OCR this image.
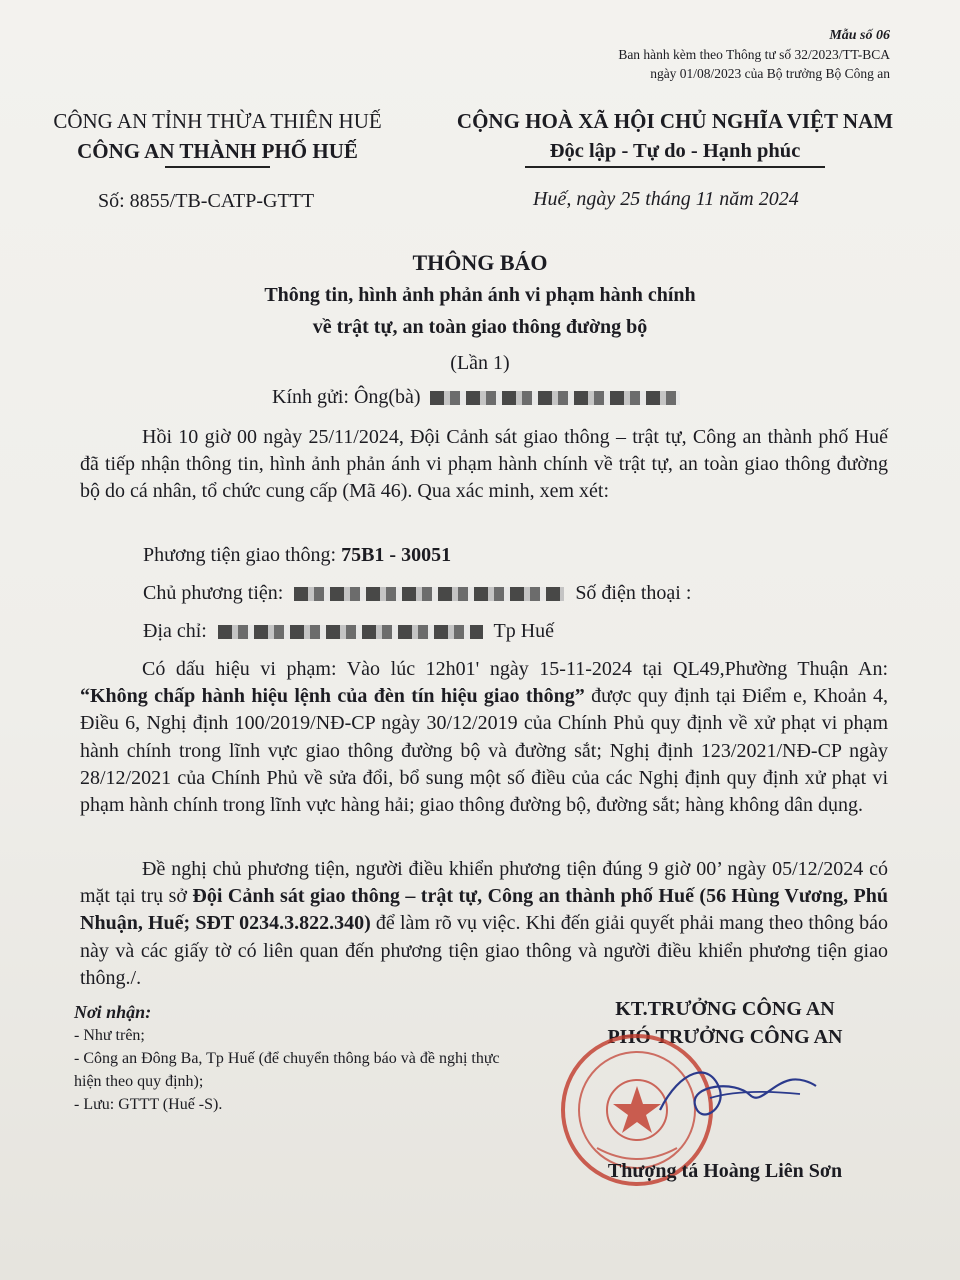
Mẫu số 06
Ban hành kèm theo Thông tư số 32/2023/TT-BCA
ngày 01/08/2023 của Bộ trưởng Bộ Công an
CÔNG AN TỈNH THỪA THIÊN HUẾ
CÔNG AN THÀNH PHỐ HUẾ
Số: 8855/TB-CATP-GTTT
CỘNG HOÀ XÃ HỘI CHỦ NGHĨA VIỆT NAM
Độc lập - Tự do - Hạnh phúc
Huế, ngày 25 tháng 11 năm 2024
THÔNG BÁO
Thông tin, hình ảnh phản ánh vi phạm hành chính
về trật tự, an toàn giao thông đường bộ
(Lần 1)
Kính gửi: Ông(bà)
Hồi 10 giờ 00 ngày 25/11/2024, Đội Cảnh sát giao thông – trật tự, Công an thành phố Huế đã tiếp nhận thông tin, hình ảnh phản ánh vi phạm hành chính về trật tự, an toàn giao thông đường bộ do cá nhân, tổ chức cung cấp (Mã 46). Qua xác minh, xem xét:
Phương tiện giao thông: 75B1 - 30051
Chủ phương tiện:	Số điện thoại :
Địa chỉ:	Tp Huế
Có dấu hiệu vi phạm: Vào lúc 12h01' ngày 15-11-2024 tại QL49,Phường Thuận An: “Không chấp hành hiệu lệnh của đèn tín hiệu giao thông” được quy định tại Điểm e, Khoản 4, Điều 6, Nghị định 100/2019/NĐ-CP ngày 30/12/2019 của Chính Phủ quy định về xử phạt vi phạm hành chính trong lĩnh vực giao thông đường bộ và đường sắt; Nghị định 123/2021/NĐ-CP ngày 28/12/2021 của Chính Phủ về sửa đổi, bổ sung một số điều của các Nghị định quy định xử phạt vi phạm hành chính trong lĩnh vực hàng hải; giao thông đường bộ, đường sắt; hàng không dân dụng.
Đề nghị chủ phương tiện, người điều khiển phương tiện đúng 9 giờ 00’ ngày 05/12/2024 có mặt tại trụ sở Đội Cảnh sát giao thông – trật tự, Công an thành phố Huế (56 Hùng Vương, Phú Nhuận, Huế; SĐT 0234.3.822.340) để làm rõ vụ việc. Khi đến giải quyết phải mang theo thông báo này và các giấy tờ có liên quan đến phương tiện giao thông và người điều khiển phương tiện giao thông./.
Nơi nhận:
- Như trên;
- Công an Đông Ba, Tp Huế (để chuyển thông báo và đề nghị thực hiện theo quy định);
- Lưu: GTTT (Huế -S).
KT.TRƯỞNG CÔNG AN
PHÓ TRƯỞNG CÔNG AN
Thượng tá Hoàng Liên Sơn
